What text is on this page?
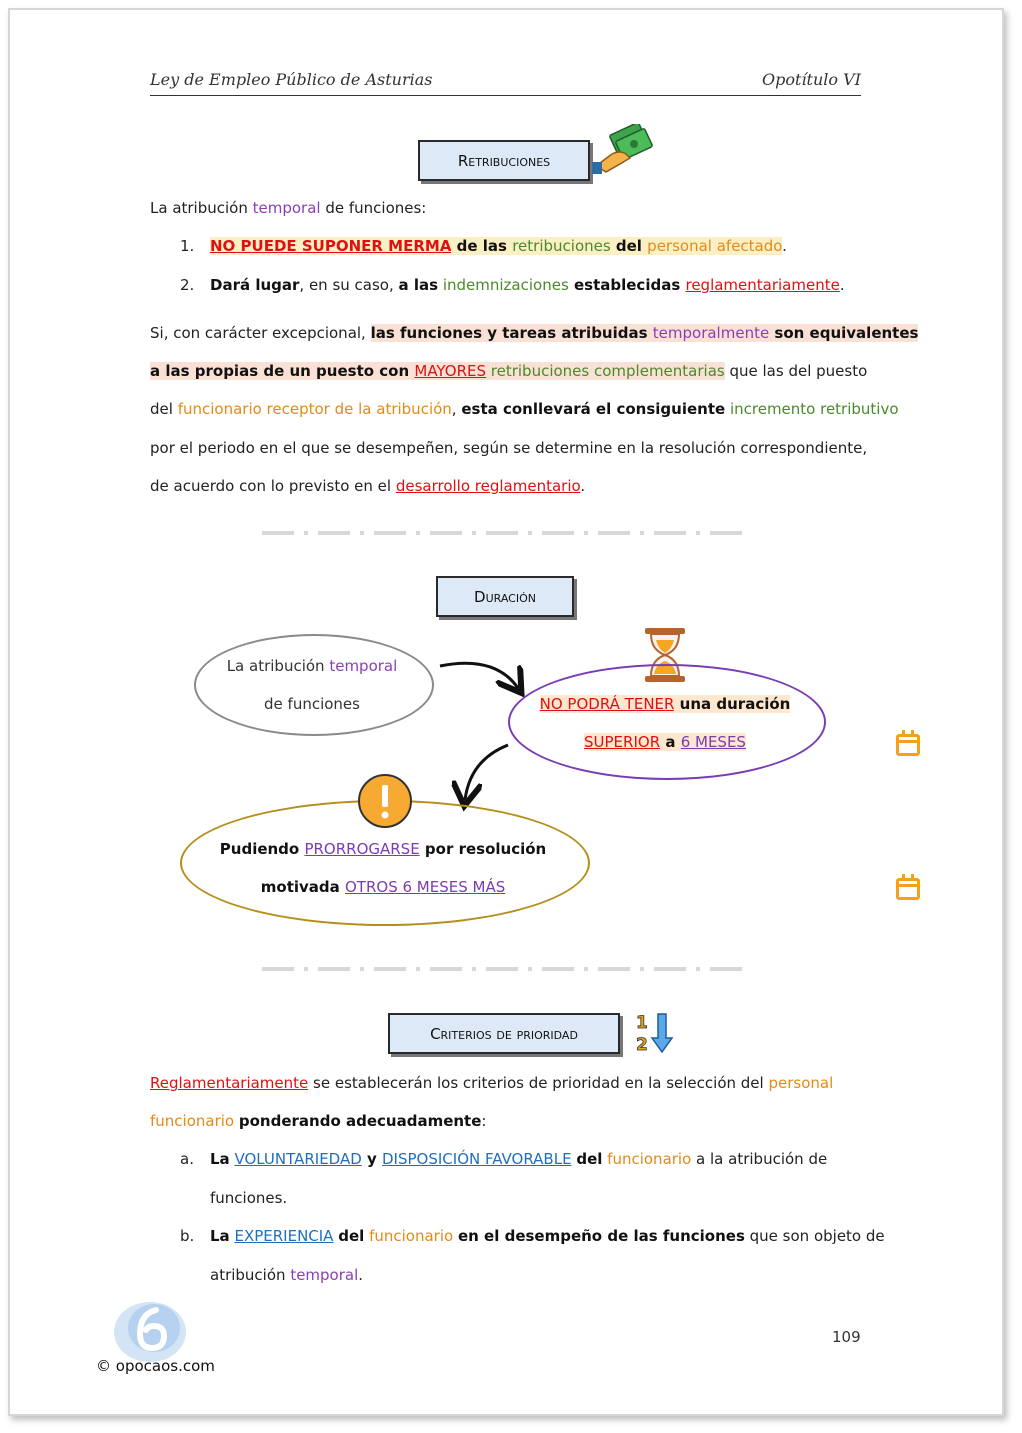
Ley de Empleo Público de Asturias	Opotítulo VI
Retribuciones
La atribución temporal de funciones:
1. NO PUEDE SUPONER MERMA de las retribuciones del personal afectado.
2. Dará lugar, en su caso, a las indemnizaciones establecidas reglamentariamente.
Si, con carácter excepcional, las funciones y tareas atribuidas temporalmente son equivalentes
a las propias de un puesto con MAYORES retribuciones complementarias que las del puesto
del funcionario receptor de la atribución, esta conllevará el consiguiente incremento retributivo
por el periodo en el que se desempeñen, según se determine en la resolución correspondiente,
de acuerdo con lo previsto en el desarrollo reglamentario.
Duración
La atribución temporal
de funciones	NO PODRÁ TENER una duración
SUPERIOR a 6 MESES
Pudiendo PRORROGARSE por resolución
motivada OTROS 6 MESES MÁS
Criterios de prioridad
1
2
Reglamentariamente se establecerán los criterios de prioridad en la selección del personal
funcionario ponderando adecuadamente:
a. La VOLUNTARIEDAD y DISPOSICIÓN FAVORABLE del funcionario a la atribución de
funciones.
b. La EXPERIENCIA del funcionario en el desempeño de las funciones que son objeto de
atribución temporal.
© opocaos.com
109
